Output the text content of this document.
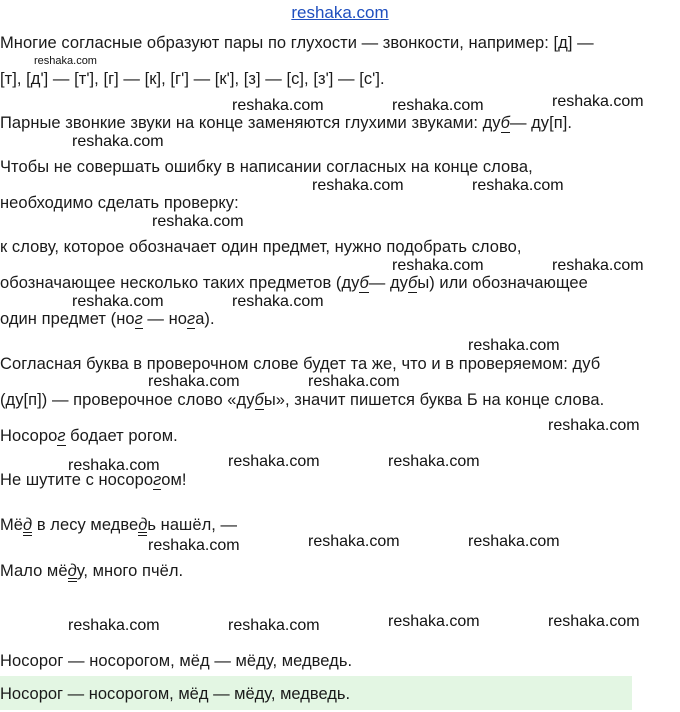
reshaka.com
Многие согласные образуют пары по глухости — звонкости, например: [д] —
reshaka.com
[т], [д'] — [т'], [г] — [к], [г'] — [к'], [з] — [с], [з'] — [с'].
reshaka.com	reshaka.com	reshaka.com
Парные звонкие звуки на конце заменяются глухими звуками: дуб— ду[п].
reshaka.com
Чтобы не совершать ошибку в написании согласных на конце слова,
reshaka.com	reshaka.com
необходимо сделать проверку:
reshaka.com
к слову, которое обозначает один предмет, нужно подобрать слово,
reshaka.com	reshaka.com
обозначающее несколько таких предметов (дуб— дубы) или обозначающее
reshaka.com	reshaka.com
один предмет (ног — нога).
reshaka.com
Согласная буква в проверочном слове будет та же, что и в проверяемом: дуб
reshaka.com	reshaka.com
(ду[п]) — проверочное слово «дубы», значит пишется буква Б на конце слова.
reshaka.com
Носорог бодает рогом.
reshaka.com	reshaka.com	reshaka.com
Не шутите с носорогом!
Мёд в лесу медведь нашёл, —
reshaka.com	reshaka.com	reshaka.com
Мало мёду, много пчёл.
reshaka.com	reshaka.com	reshaka.com	reshaka.com
Носорог — носорогом, мёд — мёду, медведь.
Носорог — носорогом, мёд — мёду, медведь.
